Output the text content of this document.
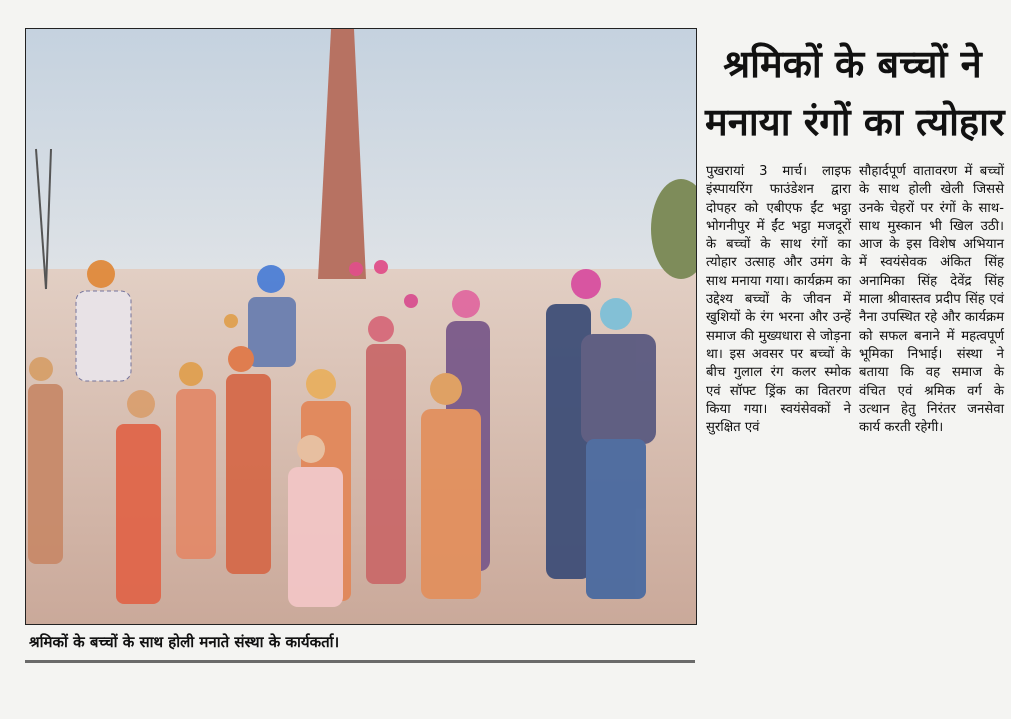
श्रमिकों के बच्चों के साथ होली मनाते संस्था के कार्यकर्ता।
श्रमिकों के बच्चों ने
मनाया रंगों का त्योहार

पुखरायां 3 मार्च। लाइफ इंस्पायरिंग फाउंडेशन द्वारा दोपहर को एबीएफ ईंट भट्ठा भोगनीपुर में ईंट भट्ठा मजदूरों के बच्चों के साथ रंगों का त्योहार उत्साह और उमंग के साथ मनाया गया। कार्यक्रम का उद्देश्य बच्चों के जीवन में खुशियों के रंग भरना और उन्हें समाज की मुख्यधारा से जोड़ना था। इस अवसर पर बच्चों के बीच गुलाल रंग कलर स्मोक एवं सॉफ्ट ड्रिंक का वितरण किया गया। स्वयंसेवकों ने सुरक्षित एवं

सौहार्दपूर्ण वातावरण में बच्चों के साथ होली खेली जिससे उनके चेहरों पर रंगों के साथ-साथ मुस्कान भी खिल उठी। आज के इस विशेष अभियान में स्वयंसेवक अंकित सिंह अनामिका सिंह देवेंद्र सिंह माला श्रीवास्तव प्रदीप सिंह एवं नैना उपस्थित रहे और कार्यक्रम को सफल बनाने में महत्वपूर्ण भूमिका निभाई। संस्था ने बताया कि वह समाज के वंचित एवं श्रमिक वर्ग के उत्थान हेतु निरंतर जनसेवा कार्य करती रहेगी।
